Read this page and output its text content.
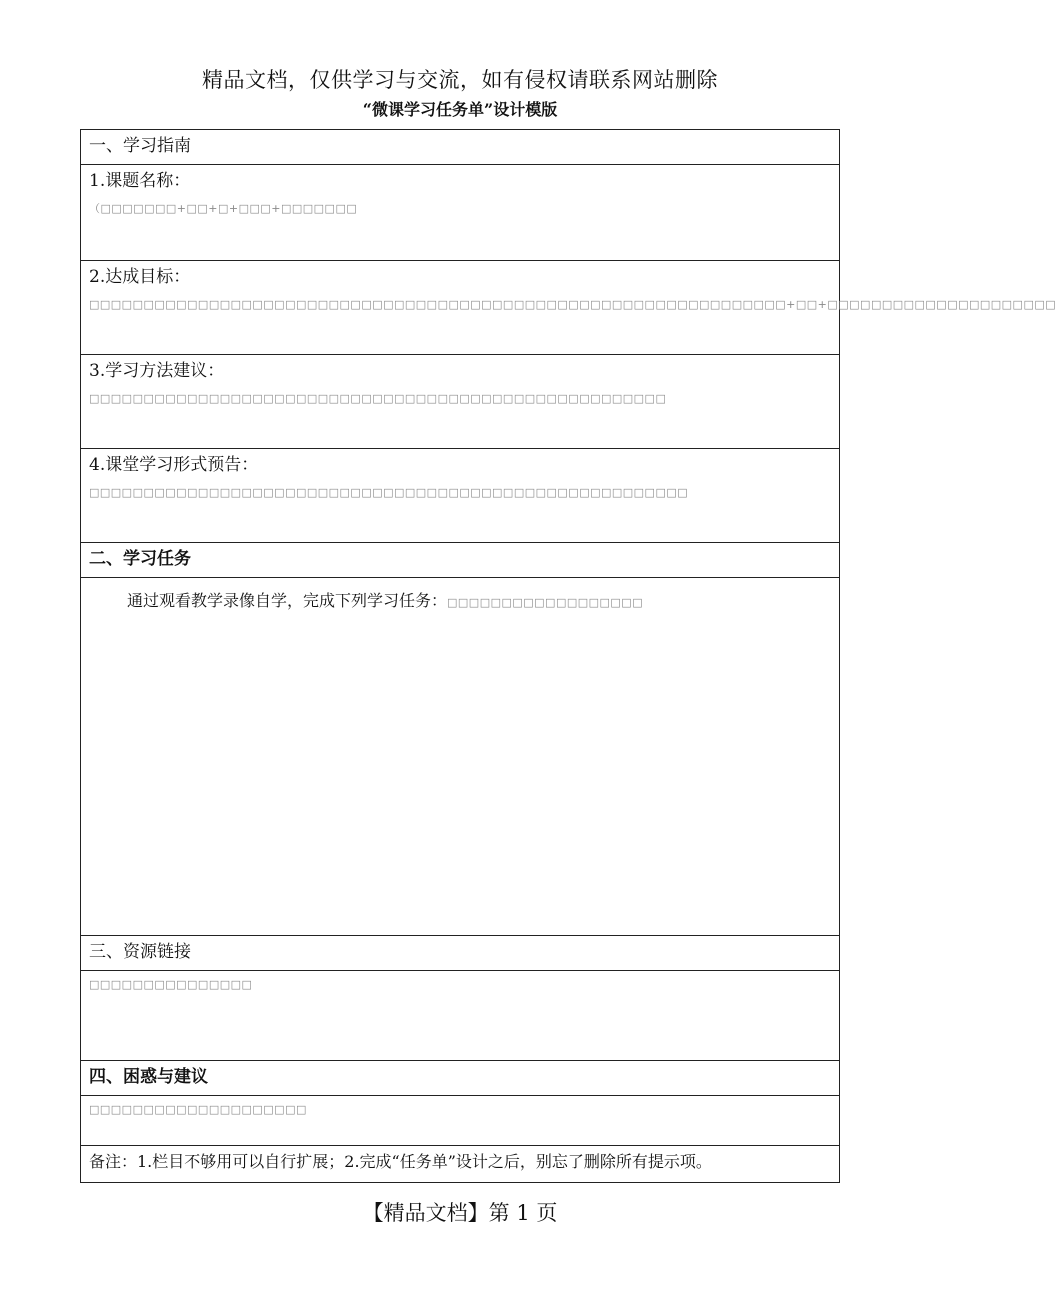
精品文档，仅供学习与交流，如有侵权请联系网站删除
“微课学习任务单”设计模版
一、学习指南
1.课题名称：
（□□□□□□□+□□+□+□□□+□□□□□□□
2.达成目标：
□□□□□□□□□□□□□□□□□□□□□□□□□□□□□□□□□□□□□□□□□□□□□□□□□□□□□□□□□□□□□□□□+□□+□□□□□□□□□□□□□□□□□□□□□
3.学习方法建议：
□□□□□□□□□□□□□□□□□□□□□□□□□□□□□□□□□□□□□□□□□□□□□□□□□□□□□
4.课堂学习形式预告：
□□□□□□□□□□□□□□□□□□□□□□□□□□□□□□□□□□□□□□□□□□□□□□□□□□□□□□□
二、学习任务
通过观看教学录像自学，完成下列学习任务：□□□□□□□□□□□□□□□□□□
三、资源链接
□□□□□□□□□□□□□□□
四、困惑与建议
□□□□□□□□□□□□□□□□□□□□
备注：1.栏目不够用可以自行扩展；2.完成“任务单”设计之后，别忘了删除所有提示项。
【精品文档】第 1 页
